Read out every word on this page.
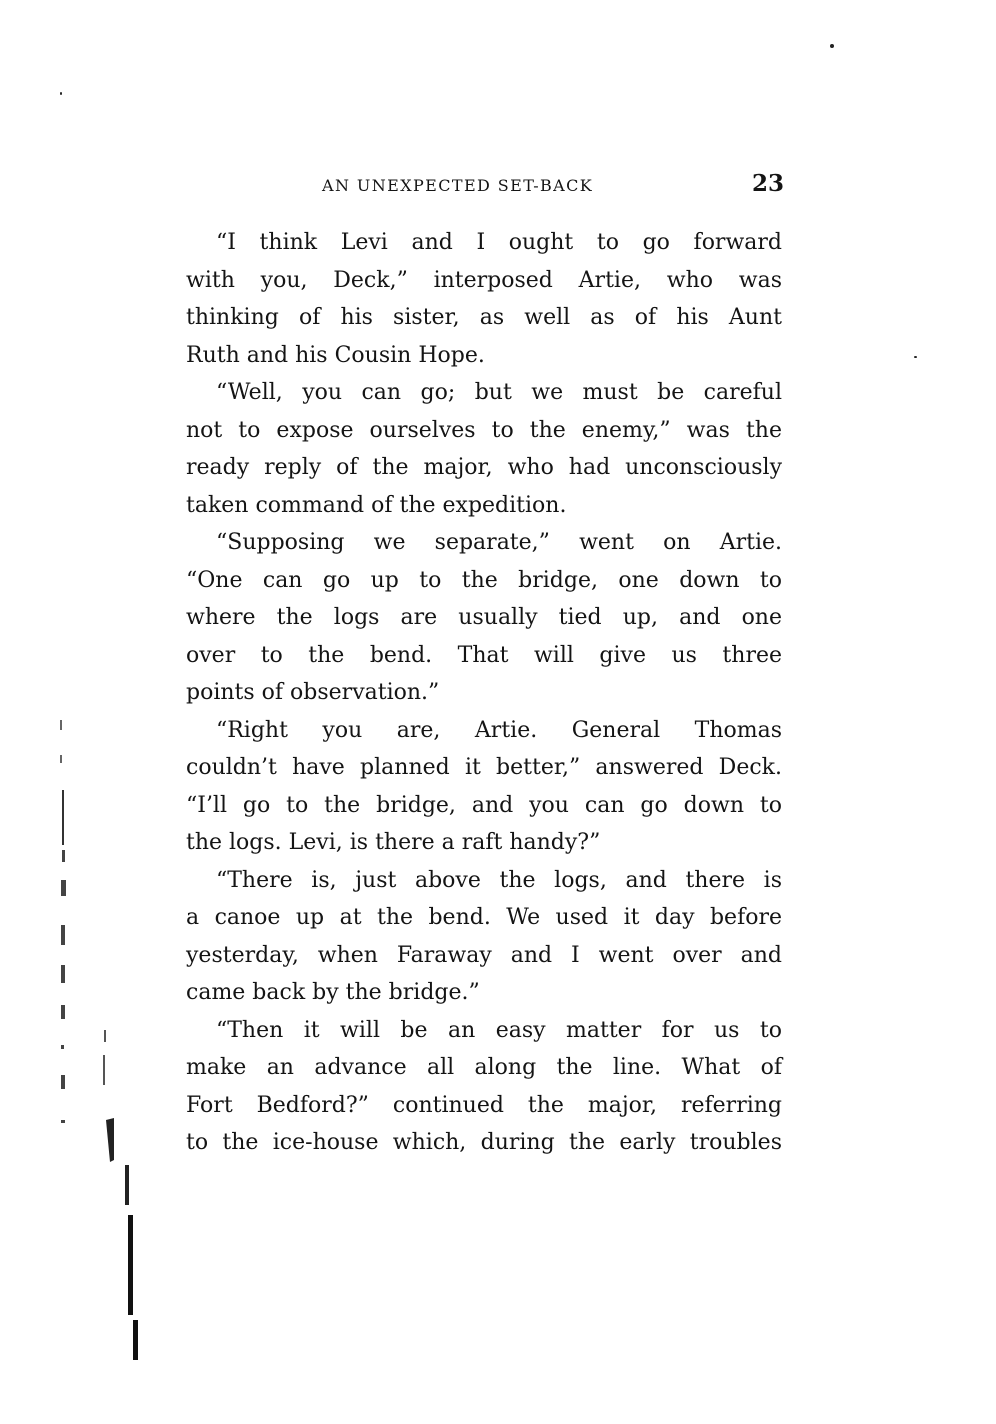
AN UNEXPECTED SET-BACK	23
“I think Levi and I ought to go forward
with you, Deck,” interposed Artie, who was
thinking of his sister, as well as of his Aunt
Ruth and his Cousin Hope.
“Well, you can go; but we must be careful
not to expose ourselves to the enemy,” was the
ready reply of the major, who had unconsciously
taken command of the expedition.
“Supposing we separate,” went on Artie.
“One can go up to the bridge, one down to
where the logs are usually tied up, and one
over to the bend. That will give us three
points of observation.”
“Right you are, Artie. General Thomas
couldn’t have planned it better,” answered Deck.
“I’ll go to the bridge, and you can go down to
the logs. Levi, is there a raft handy?”
“There is, just above the logs, and there is
a canoe up at the bend. We used it day before
yesterday, when Faraway and I went over and
came back by the bridge.”
“Then it will be an easy matter for us to
make an advance all along the line. What of
Fort Bedford?” continued the major, referring
to the ice-house which, during the early troubles
